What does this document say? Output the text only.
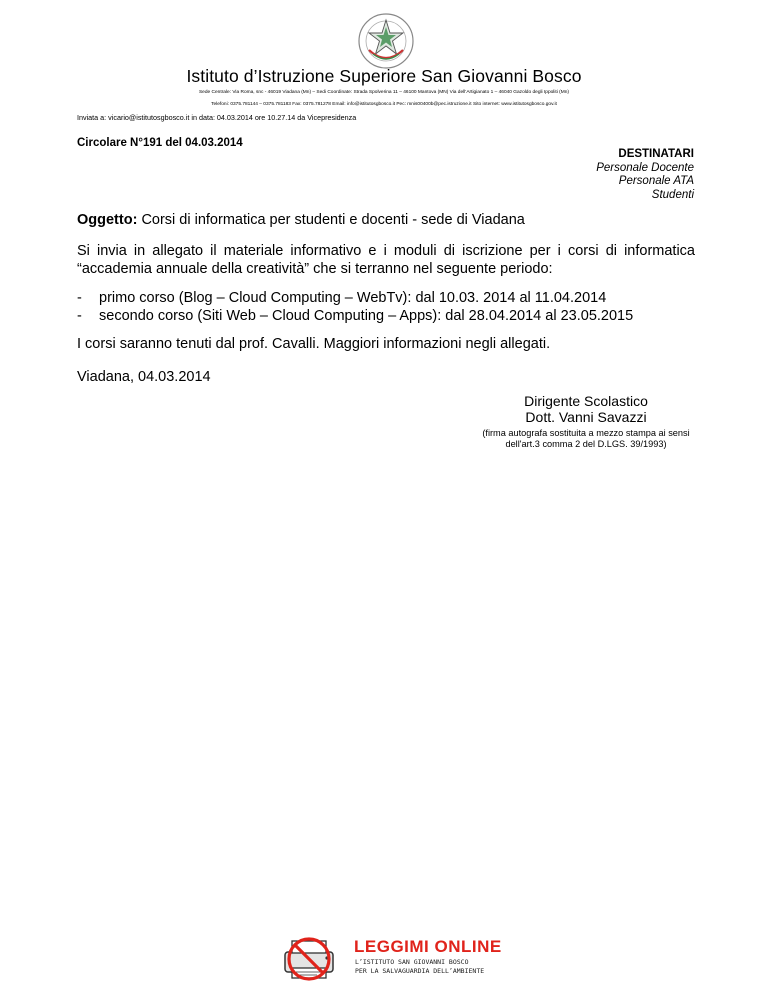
Istituto d’Istruzione Superiore San Giovanni Bosco
Sede Centrale: Via Roma, snc - 46019 Viadana (Mn) – Sedi Coordinate: Strada Spolverina 11 – 46100 Mantova (MN) Via dell’Artigianato 1 – 46040 Gazoldo degli Ippoliti (Mn)
Telefoni: 0375.781144 – 0375.781183 Fax: 0375.781278 Email: info@istitutosgbosco.it Pec: mnis00400b@pec.istruzione.it Sito internet: www.istitutosgbosco.gov.it
Inviata a: vicario@istitutosgbosco.it in data: 04.03.2014 ore 10.27.14 da Vicepresidenza
Circolare N°191 del 04.03.2014
DESTINATARI
Personale Docente
Personale ATA
Studenti
Oggetto: Corsi di informatica per studenti e docenti - sede di Viadana
Si invia in allegato il materiale informativo e i moduli di iscrizione per i corsi di informatica “accademia annuale della creatività” che si terranno nel seguente periodo:
- primo corso (Blog – Cloud Computing – WebTv): dal 10.03. 2014 al 11.04.2014
- secondo corso (Siti Web – Cloud Computing – Apps): dal 28.04.2014 al 23.05.2015
I corsi saranno tenuti dal prof. Cavalli. Maggiori informazioni negli allegati.
Viadana, 04.03.2014
Dirigente Scolastico
Dott. Vanni Savazzi
(firma autografa sostituita a mezzo stampa ai sensi
dell'art.3 comma 2 del D.LGS. 39/1993)
LEGGIMI ONLINE
L’ISTITUTO SAN GIOVANNI BOSCO
PER LA SALVAGUARDIA DELL’AMBIENTE
